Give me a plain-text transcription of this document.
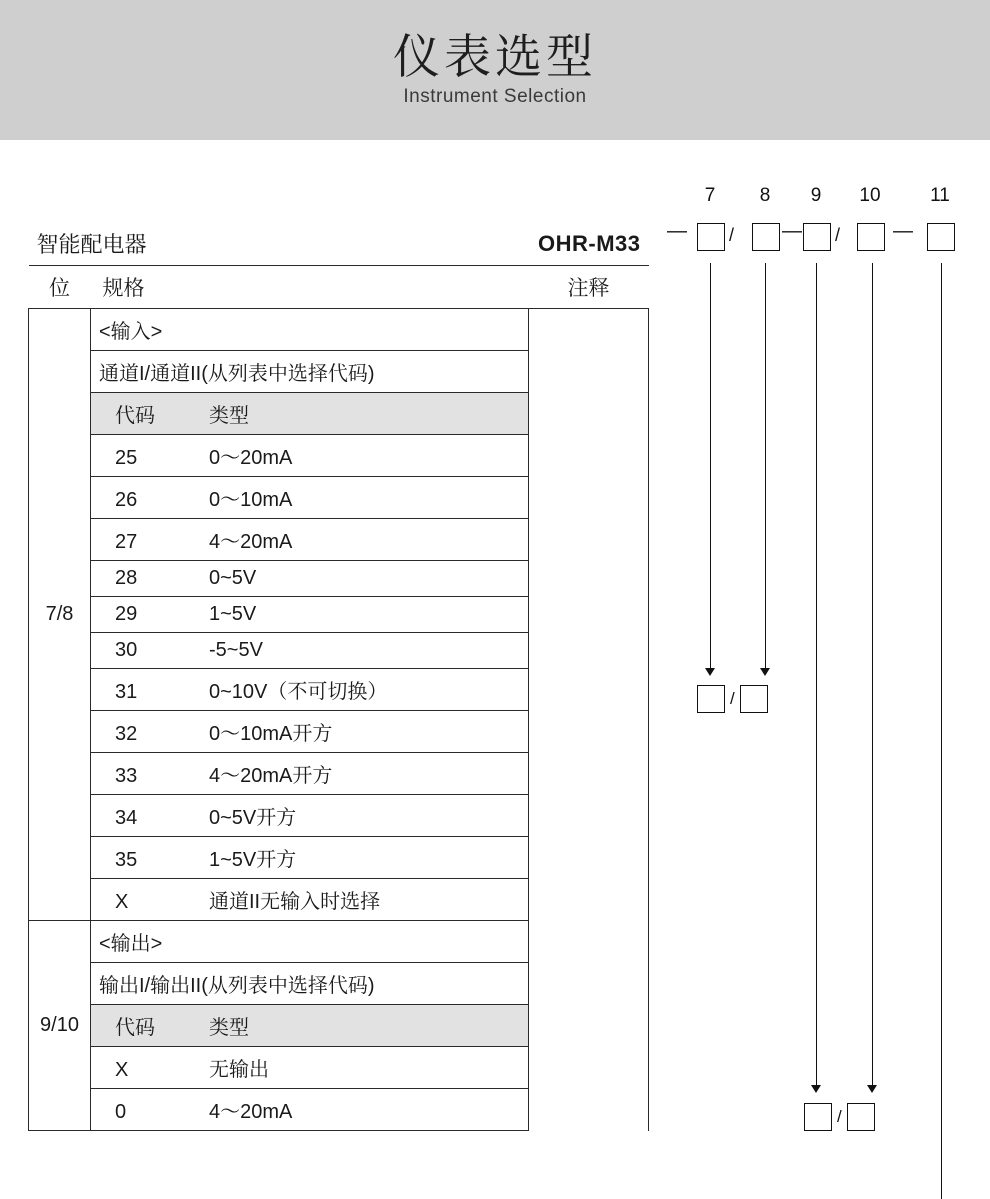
仪表选型
Instrument Selection
7	8	9	10	11
— / — /	—
/
/
智能配电器		OHR-M33
位	规格	注释
7/8	<输入>	
	通道I/通道II(从列表中选择代码)	
	代码 类型	
	25 0～20mA	
	26 0～10mA	
	27 4～20mA	
	28 0~5V	
	29 1~5V	
	30 -5~5V	
	31 0~10V（不可切换）	
	32 0～10mA开方	
	33 4～20mA开方	
	34 0~5V开方	
	35 1~5V开方	
	X 通道II无输入时选择	
9/10	<输出>	
	输出I/输出II(从列表中选择代码)	
	代码 类型	
	X 无输出	
	0 4～20mA	
